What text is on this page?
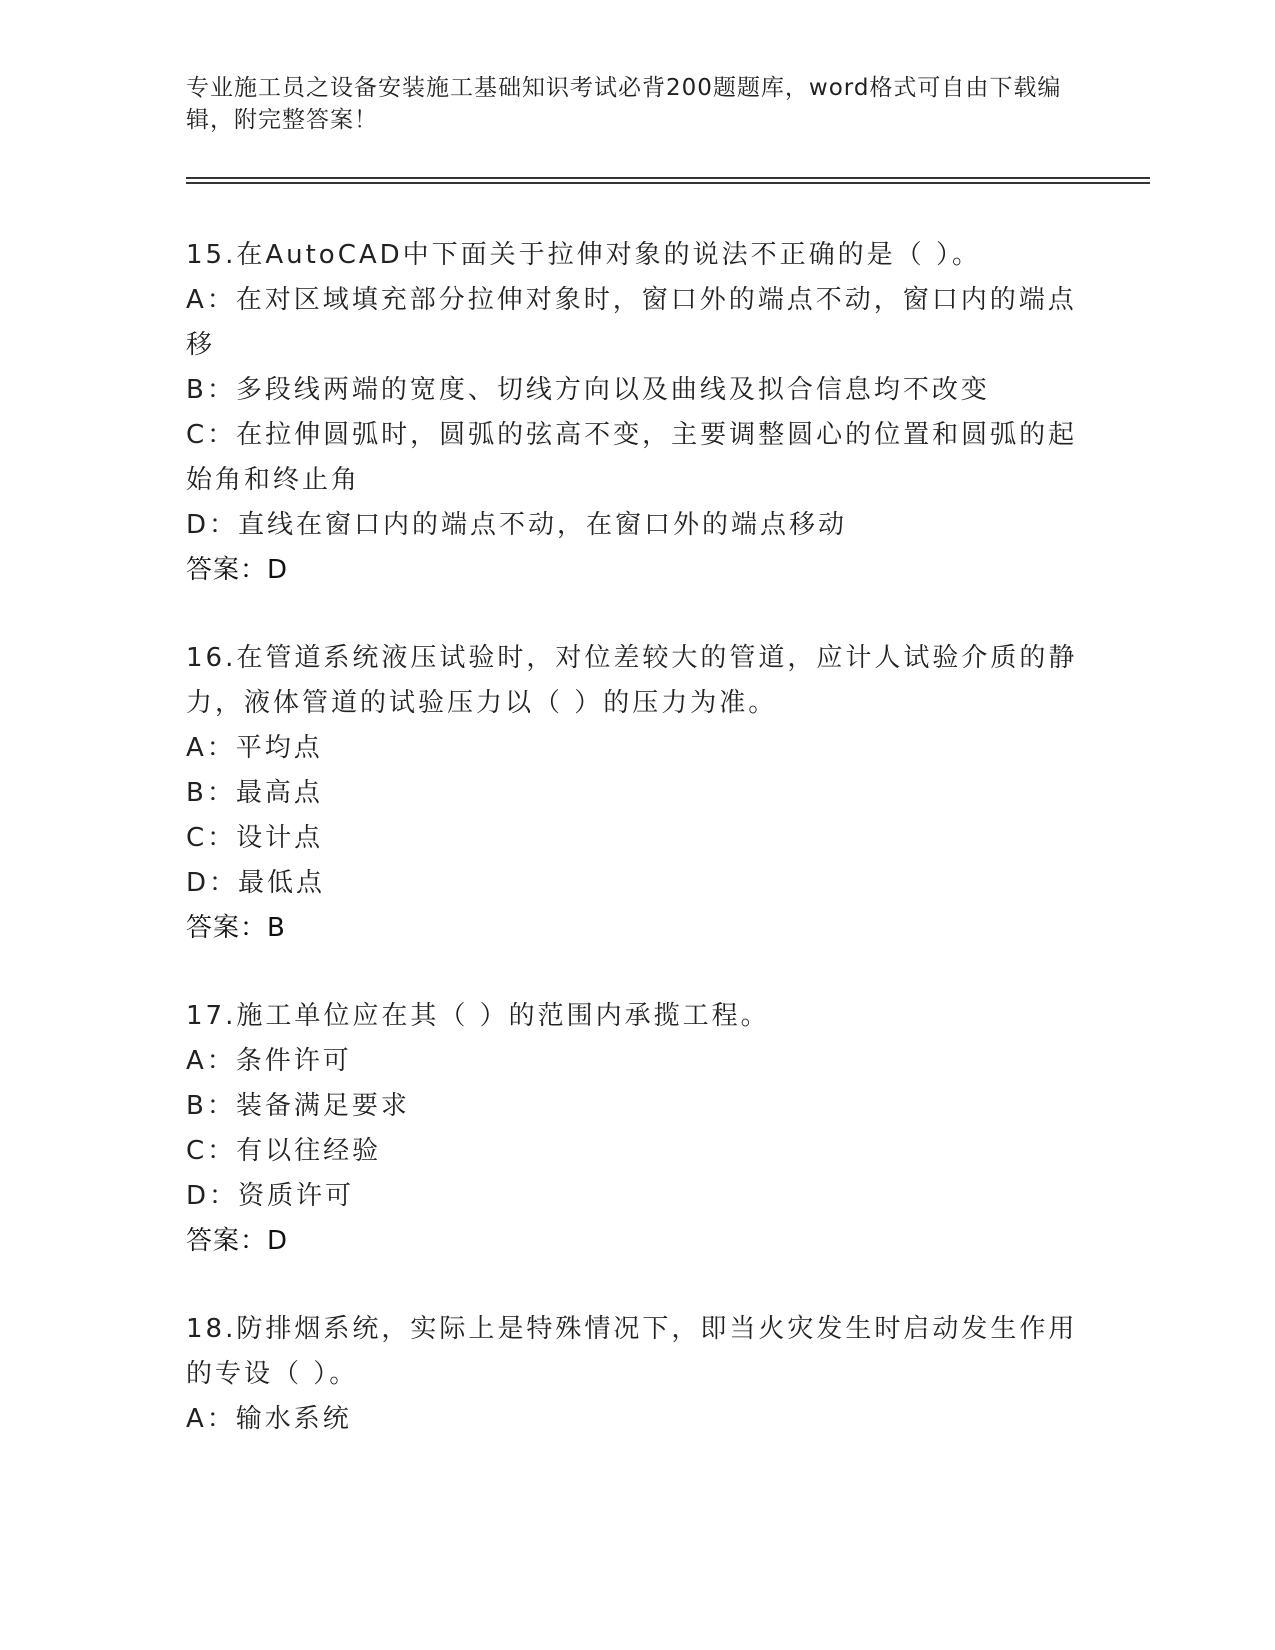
专业施工员之设备安装施工基础知识考试必背200题题库，word格式可自由下载编辑，附完整答案！
15.在AutoCAD中下面关于拉伸对象的说法不正确的是（ ）。
A：在对区域填充部分拉伸对象时，窗口外的端点不动，窗口内的端点移
B：多段线两端的宽度、切线方向以及曲线及拟合信息均不改变
C：在拉伸圆弧时，圆弧的弦高不变，主要调整圆心的位置和圆弧的起始角和终止角
D：直线在窗口内的端点不动，在窗口外的端点移动
答案：D
16.在管道系统液压试验时，对位差较大的管道，应计人试验介质的静力，液体管道的试验压力以（ ）的压力为准。
A：平均点
B：最高点
C：设计点
D：最低点
答案：B
17.施工单位应在其（ ）的范围内承揽工程。
A：条件许可
B：装备满足要求
C：有以往经验
D：资质许可
答案：D
18.防排烟系统，实际上是特殊情况下，即当火灾发生时启动发生作用的专设（ ）。
A：输水系统
